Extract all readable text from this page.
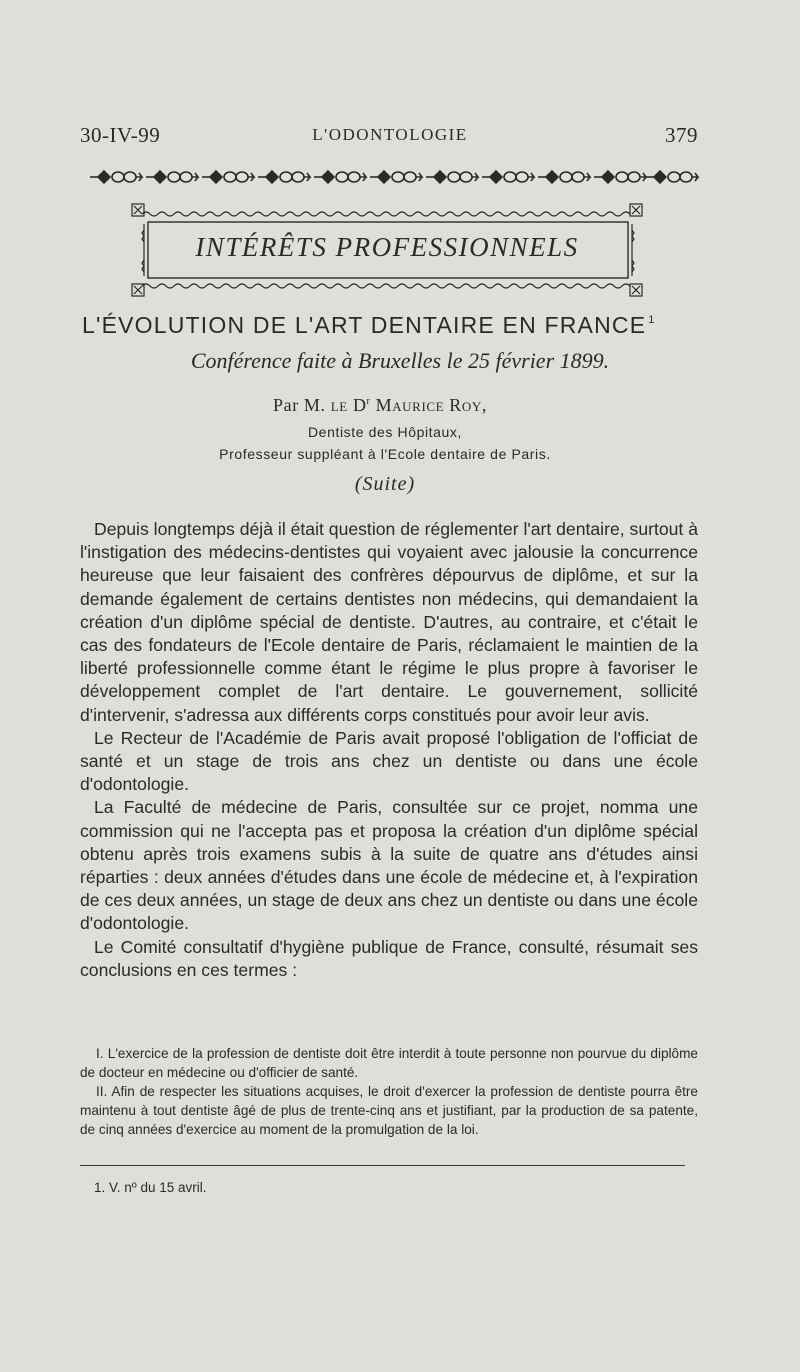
30-IV-99	L'ODONTOLOGIE	379
INTÉRÊTS PROFESSIONNELS
L'ÉVOLUTION DE L'ART DENTAIRE EN FRANCE $^1$
Conférence faite à Bruxelles le 25 février 1899.
Par M. le $D^r$ Maurice Roy,
Dentiste des Hôpitaux,
Professeur suppléant à l'Ecole dentaire de Paris.
(Suite)

Depuis longtemps déjà il était question de réglementer l'art dentaire, surtout à l'instigation des médecins-dentistes qui voyaient avec jalousie la concurrence heureuse que leur faisaient des confrères dépourvus de diplôme, et sur la demande également de certains dentistes non médecins, qui demandaient la création d'un diplôme spécial de dentiste. D'autres, au contraire, et c'était le cas des fondateurs de l'Ecole dentaire de Paris, réclamaient le maintien de la liberté professionnelle comme étant le régime le plus propre à favoriser le développement complet de l'art dentaire. Le gouvernement, sollicité d'intervenir, s'adressa aux différents corps constitués pour avoir leur avis.

Le Recteur de l'Académie de Paris avait proposé l'obligation de l'officiat de santé et un stage de trois ans chez un dentiste ou dans une école d'odontologie.

La Faculté de médecine de Paris, consultée sur ce projet, nomma une commission qui ne l'accepta pas et proposa la création d'un diplôme spécial obtenu après trois examens subis à la suite de quatre ans d'études ainsi réparties : deux années d'études dans une école de médecine et, à l'expiration de ces deux années, un stage de deux ans chez un dentiste ou dans une école d'odontologie.

Le Comité consultatif d'hygiène publique de France, consulté, résumait ses conclusions en ces termes :

I. L'exercice de la profession de dentiste doit être interdit à toute personne non pourvue du diplôme de docteur en médecine ou d'officier de santé.

II. Afin de respecter les situations acquises, le droit d'exercer la profession de dentiste pourra être maintenu à tout dentiste âgé de plus de trente-cinq ans et justifiant, par la production de sa patente, de cinq années d'exercice au moment de la promulgation de la loi.

1. V. nº du 15 avril.
